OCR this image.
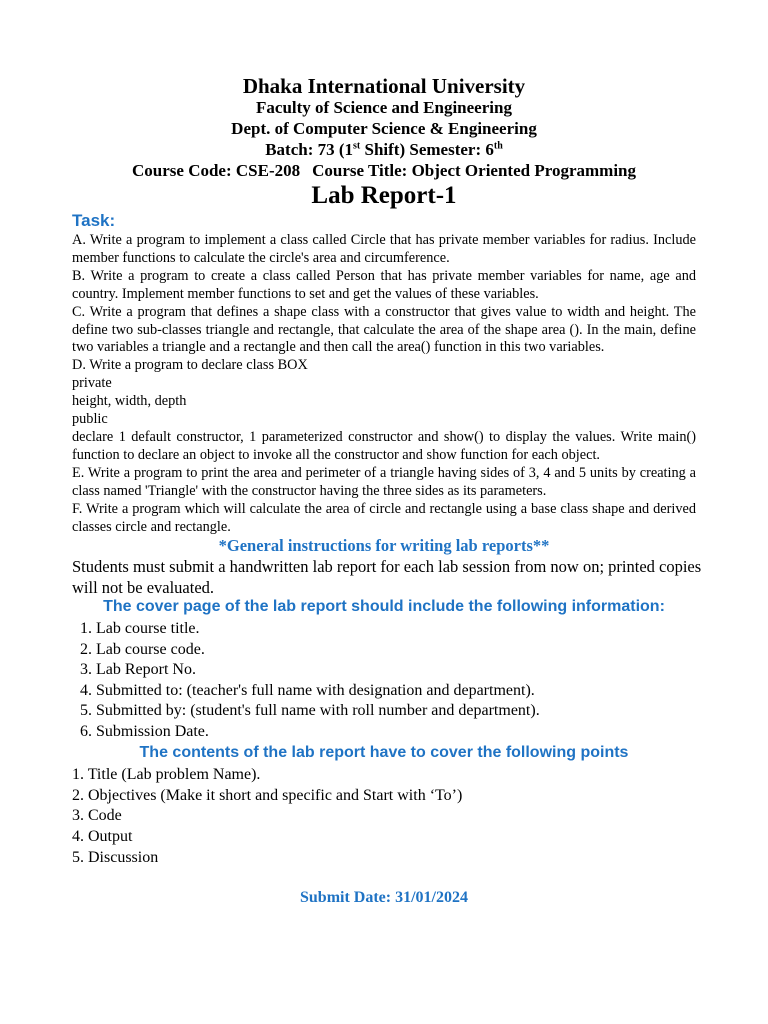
Dhaka International University
Faculty of Science and Engineering
Dept. of Computer Science & Engineering
Batch: 73 (1st Shift) Semester: 6th
Course Code: CSE-208 Course Title: Object Oriented Programming
Lab Report-1
Task:

A. Write a program to implement a class called Circle that has private member variables for radius. Include member functions to calculate the circle's area and circumference.

B. Write a program to create a class called Person that has private member variables for name, age and country. Implement member functions to set and get the values of these variables.

C. Write a program that defines a shape class with a constructor that gives value to width and height. The define two sub-classes triangle and rectangle, that calculate the area of the shape area (). In the main, define two variables a triangle and a rectangle and then call the area() function in this two variables.

D. Write a program to declare class BOX

private

height, width, depth

public

declare 1 default constructor, 1 parameterized constructor and show() to display the values. Write main() function to declare an object to invoke all the constructor and show function for each object.

E. Write a program to print the area and perimeter of a triangle having sides of 3, 4 and 5 units by creating a class named 'Triangle' with the constructor having the three sides as its parameters.

F. Write a program which will calculate the area of circle and rectangle using a base class shape and derived classes circle and rectangle.

*General instructions for writing lab reports**
Students must submit a handwritten lab report for each lab session from now on; printed copies will not be evaluated.
The cover page of the lab report should include the following information:
1. Lab course title.
2. Lab course code.
3. Lab Report No.
4. Submitted to: (teacher's full name with designation and department).
5. Submitted by: (student's full name with roll number and department).
6. Submission Date.
The contents of the lab report have to cover the following points
1. Title (Lab problem Name).
2. Objectives (Make it short and specific and Start with ‘To’)
3. Code
4. Output
5. Discussion
Submit Date: 31/01/2024
